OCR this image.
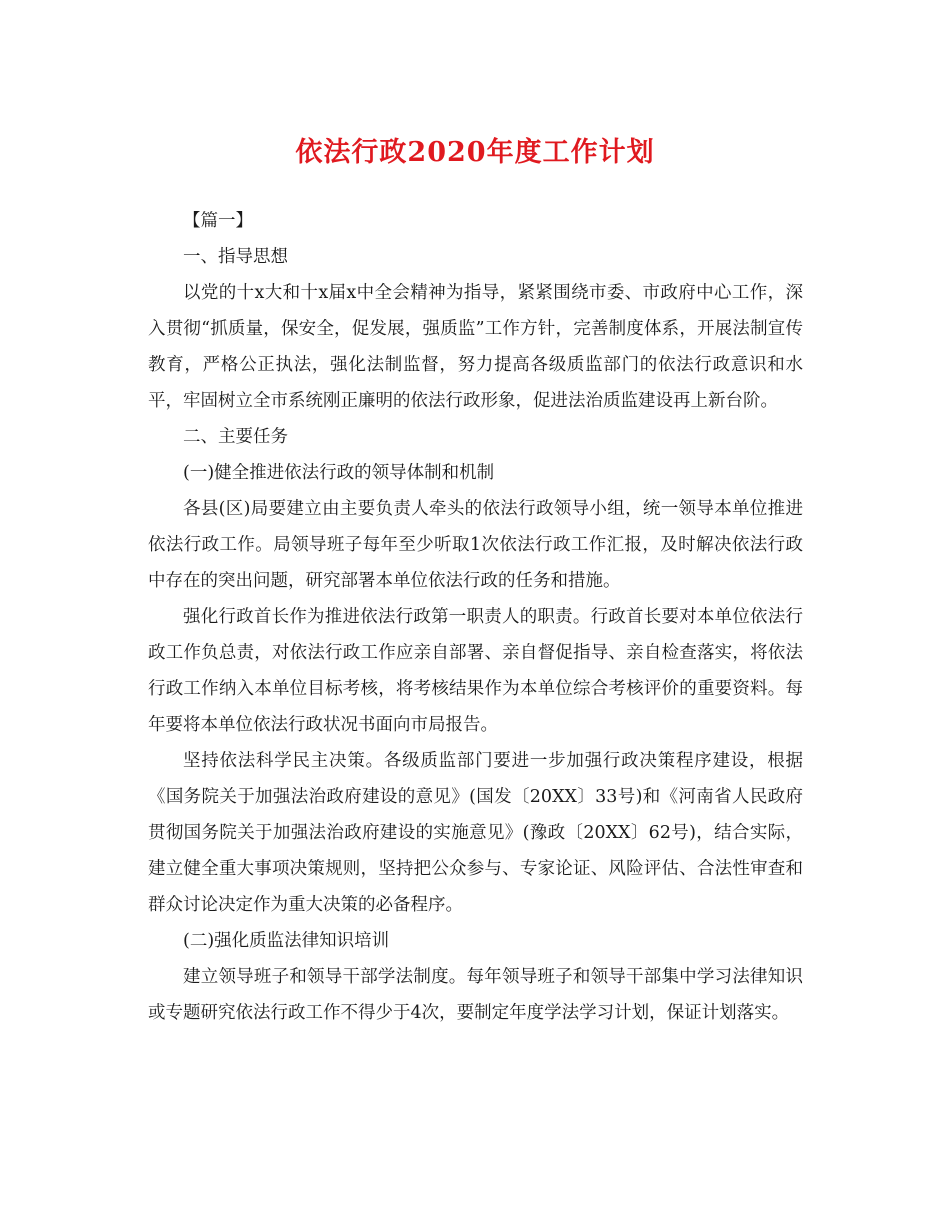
依法行政2020年度工作计划

【篇一】

一、指导思想

以党的十x大和十x届x中全会精神为指导，紧紧围绕市委、市政府中心工作，深入贯彻“抓质量，保安全，促发展，强质监”工作方针，完善制度体系，开展法制宣传教育，严格公正执法，强化法制监督，努力提高各级质监部门的依法行政意识和水平，牢固树立全市系统刚正廉明的依法行政形象，促进法治质监建设再上新台阶。

二、主要任务

(一)健全推进依法行政的领导体制和机制

各县(区)局要建立由主要负责人牵头的依法行政领导小组，统一领导本单位推进依法行政工作。局领导班子每年至少听取1次依法行政工作汇报，及时解决依法行政中存在的突出问题，研究部署本单位依法行政的任务和措施。

强化行政首长作为推进依法行政第一职责人的职责。行政首长要对本单位依法行政工作负总责，对依法行政工作应亲自部署、亲自督促指导、亲自检查落实，将依法行政工作纳入本单位目标考核，将考核结果作为本单位综合考核评价的重要资料。每年要将本单位依法行政状况书面向市局报告。

坚持依法科学民主决策。各级质监部门要进一步加强行政决策程序建设，根据《国务院关于加强法治政府建设的意见》(国发〔20XX〕33号)和《河南省人民政府贯彻国务院关于加强法治政府建设的实施意见》(豫政〔20XX〕62号)，结合实际，建立健全重大事项决策规则，坚持把公众参与、专家论证、风险评估、合法性审查和群众讨论决定作为重大决策的必备程序。

(二)强化质监法律知识培训

建立领导班子和领导干部学法制度。每年领导班子和领导干部集中学习法律知识或专题研究依法行政工作不得少于4次，要制定年度学法学习计划，保证计划落实。
